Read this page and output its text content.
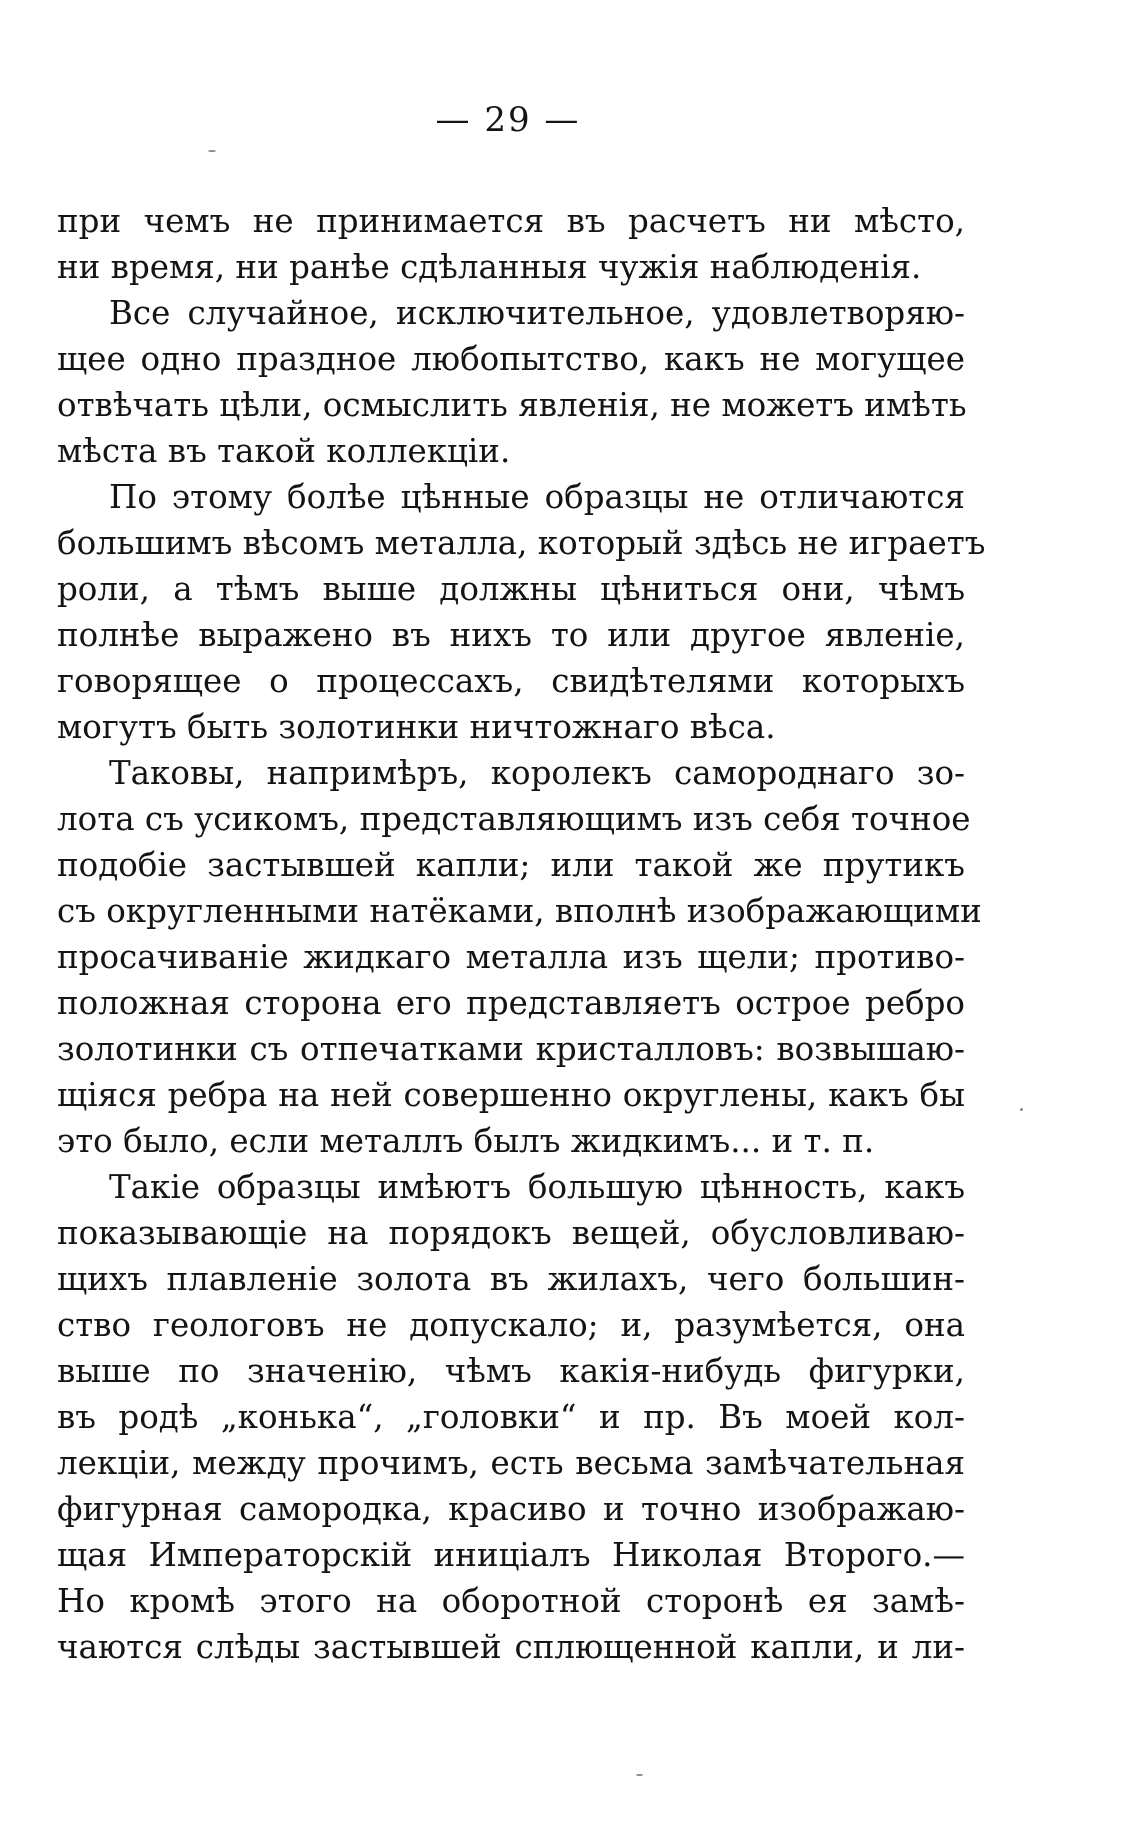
— 29 —
при чемъ не принимается въ расчетъ ни мѣсто,
ни время, ни ранѣе сдѣланныя чужія наблюденія.
Все случайное, исключительное, удовлетворяю-
щее одно праздное любопытство, какъ не могущее
отвѣчать цѣли, осмыслить явленія, не можетъ имѣть
мѣста въ такой коллекціи.
По этому болѣе цѣнные образцы не отличаются
большимъ вѣсомъ металла, который здѣсь не играетъ
роли, а тѣмъ выше должны цѣниться они, чѣмъ
полнѣе выражено въ нихъ то или другое явленіе,
говорящее о процессахъ, свидѣтелями которыхъ
могутъ быть золотинки ничтожнаго вѣса.
Таковы, напримѣръ, королекъ самороднаго зо-
лота съ усикомъ, представляющимъ изъ себя точное
подобіе застывшей капли; или такой же прутикъ
съ округленными натёками, вполнѣ изображающими
просачиваніе жидкаго металла изъ щели; противо-
положная сторона его представляетъ острое ребро
золотинки съ отпечатками кристалловъ: возвышаю-
щіяся ребра на ней совершенно округлены, какъ бы
это было, если металлъ былъ жидкимъ... и т. п.
Такіе образцы имѣютъ большую цѣнность, какъ
показывающіе на порядокъ вещей, обусловливаю-
щихъ плавленіе золота въ жилахъ, чего большин-
ство геологовъ не допускало; и, разумѣется, она
выше по значенію, чѣмъ какія-нибудь фигурки,
въ родѣ „конька“, „головки“ и пр. Въ моей кол-
лекціи, между прочимъ, есть весьма замѣчательная
фигурная самородка, красиво и точно изображаю-
щая Императорскій иниціалъ Николая Второго.—
Но кромѣ этого на оборотной сторонѣ ея замѣ-
чаются слѣды застывшей сплющенной капли, и ли-
